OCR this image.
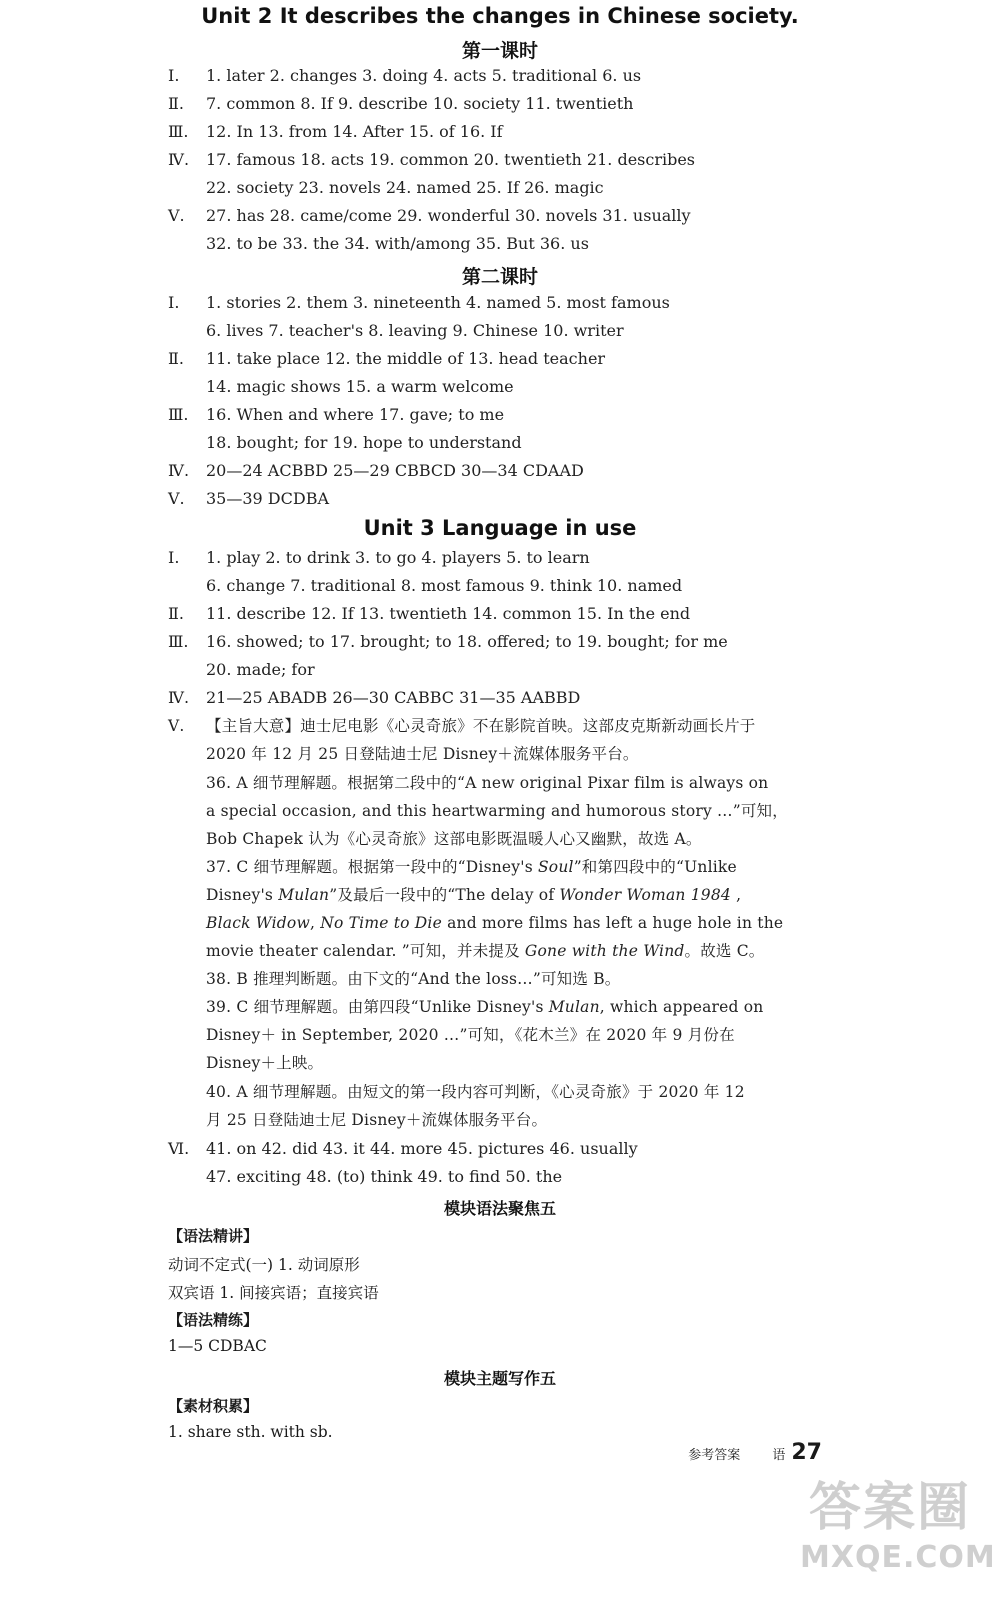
Unit 2 It describes the changes in Chinese society.
第一课时
Ⅰ. 1. later 2. changes 3. doing 4. acts 5. traditional 6. us
Ⅱ. 7. common 8. If 9. describe 10. society 11. twentieth
Ⅲ. 12. In 13. from 14. After 15. of 16. If
Ⅳ. 17. famous 18. acts 19. common 20. twentieth 21. describes
22. society 23. novels 24. named 25. If 26. magic
Ⅴ. 27. has 28. came/come 29. wonderful 30. novels 31. usually
32. to be 33. the 34. with/among 35. But 36. us
第二课时
Ⅰ. 1. stories 2. them 3. nineteenth 4. named 5. most famous
6. lives 7. teacher's 8. leaving 9. Chinese 10. writer
Ⅱ. 11. take place 12. the middle of 13. head teacher
14. magic shows 15. a warm welcome
Ⅲ. 16. When and where 17. gave; to me
18. bought; for 19. hope to understand
Ⅳ. 20—24 ACBBD 25—29 CBBCD 30—34 CDAAD
Ⅴ. 35—39 DCDBA
Unit 3 Language in use
Ⅰ. 1. play 2. to drink 3. to go 4. players 5. to learn
6. change 7. traditional 8. most famous 9. think 10. named
Ⅱ. 11. describe 12. If 13. twentieth 14. common 15. In the end
Ⅲ. 16. showed; to 17. brought; to 18. offered; to 19. bought; for me
20. made; for
Ⅳ. 21—25 ABADB 26—30 CABBC 31—35 AABBD
Ⅴ. 【主旨大意】迪士尼电影《心灵奇旅》不在影院首映。这部皮克斯新动画长片于
2020 年 12 月 25 日登陆迪士尼 Disney＋流媒体服务平台。
36. A 细节理解题。根据第二段中的“A new original Pixar film is always on
a special occasion, and this heartwarming and humorous story …”可知，
Bob Chapek 认为《心灵奇旅》这部电影既温暖人心又幽默，故选 A。
37. C 细节理解题。根据第一段中的“Disney's Soul”和第四段中的“Unlike
Disney's Mulan”及最后一段中的“The delay of Wonder Woman 1984 ,
Black Widow, No Time to Die and more films has left a huge hole in the
movie theater calendar. ”可知，并未提及 Gone with the Wind。故选 C。
38. B 推理判断题。由下文的“And the loss…”可知选 B。
39. C 细节理解题。由第四段“Unlike Disney's Mulan, which appeared on
Disney＋ in September, 2020 …”可知，《花木兰》在 2020 年 9 月份在
Disney＋上映。
40. A 细节理解题。由短文的第一段内容可判断，《心灵奇旅》于 2020 年 12
月 25 日登陆迪士尼 Disney＋流媒体服务平台。
Ⅵ. 41. on 42. did 43. it 44. more 45. pictures 46. usually
47. exciting 48. (to) think 49. to find 50. the
模块语法聚焦五
【语法精讲】
动词不定式(一) 1. 动词原形
双宾语 1. 间接宾语；直接宾语
【语法精练】
1—5 CDBAC
模块主题写作五
【素材积累】
1. share sth. with sb.
参考答案 语 27
答案圈
MXQE.COM
